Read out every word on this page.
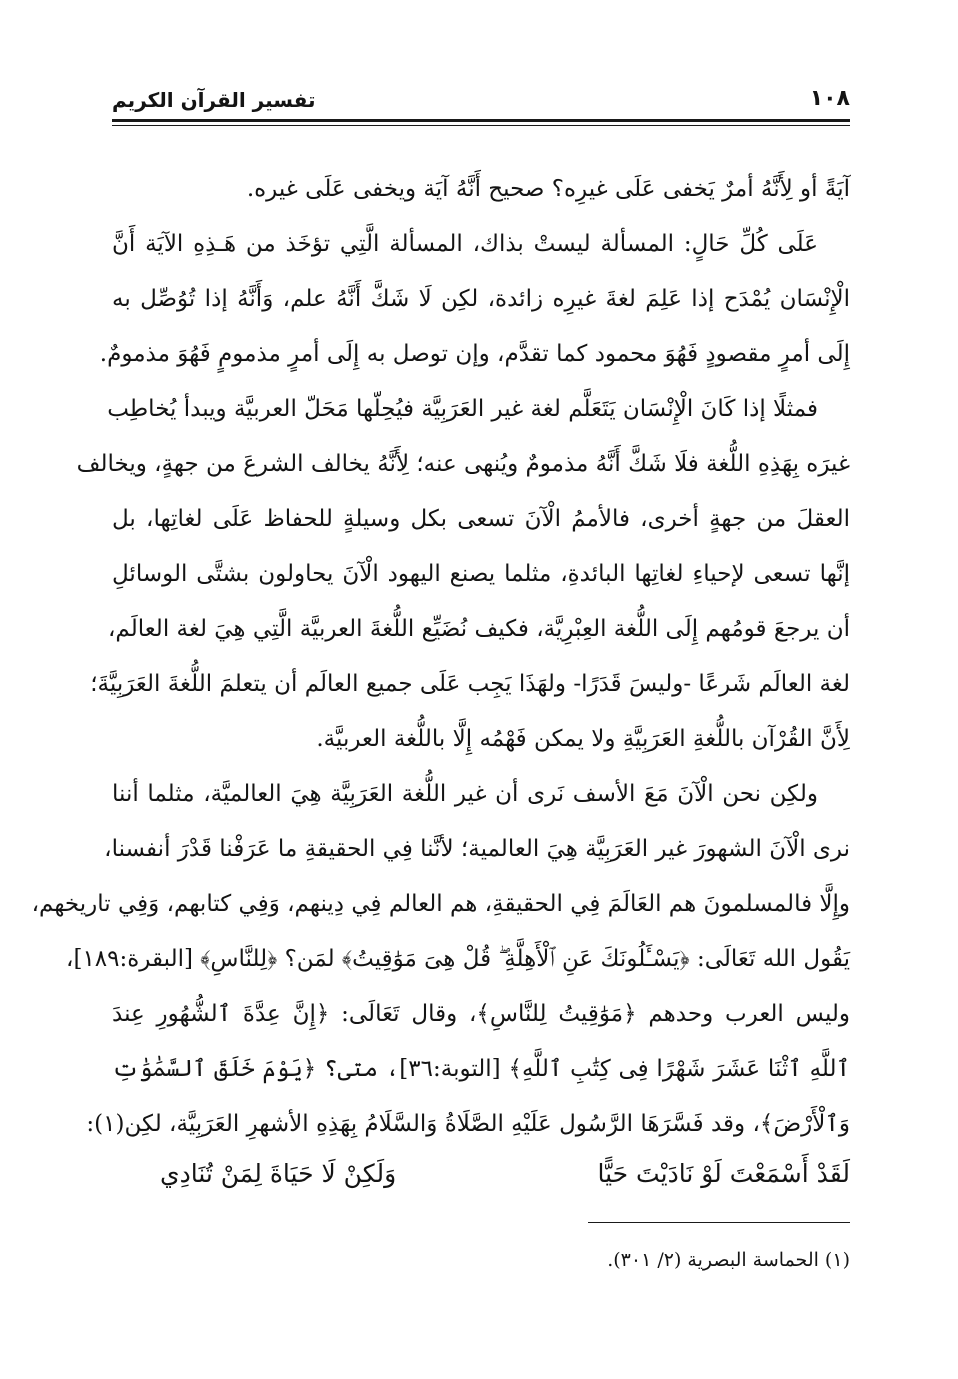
١٠٨
تفسير القرآن الكريم
آيَةً أو لِأَنَّهُ أمرٌ يَخفى عَلَى غيرِه؟ صحيح أَنَّهُ آيَة ويخفى عَلَى غيره.
عَلَى كُلِّ حَالٍ: المسألة ليستْ بذاك، المسألة الَّتِي تؤخَذ من هَـذِهِ الآيَة أَنَّ
الْإِنْسَان يُمْدَح إذا عَلِمَ لغةَ غيرِه زائدة، لكِن لَا شَكَّ أَنَّهُ علم، وَأَنَّهُ إذا تُوُصِّل به
إِلَى أمرٍ مقصودٍ فَهُوَ محمود كما تقدَّم، وإن توصل به إِلَى أمرٍ مذمومٍ فَهُوَ مذمومٌ.
فمثلًا إذا كَانَ الْإِنْسَان يَتَعَلَّم لغة غير العَرَبِيَّة فيُحِلّها مَحَلّ العربيَّة ويبدأ يُخاطِب
غيرَه بِهَذِهِ اللُّغة فلَا شَكَّ أَنَّهُ مذمومٌ ويُنهى عنه؛ لِأَنَّهُ يخالف الشرعَ من جهةٍ، ويخالف
العقلَ من جهةٍ أخرى، فالأممُ الْآنَ تسعى بكل وسيلةٍ للحفاظ عَلَى لغاتِها، بل
إنَّها تسعى لإحياءِ لغاتِها البائدةِ، مثلما يصنع اليهود الْآنَ يحاولون بشتَّى الوسائلِ
أن يرجعَ قومُهم إِلَى اللُّغة العِبْرِيَّة، فكيف نُضَيِّع اللُّغةَ العربيَّة الَّتِي هِيَ لغة العالَم،
لغة العالَم شَرعًا -وليسَ قَدَرًا- ولهَذَا يَجِب عَلَى جميع العالَم أن يتعلمَ اللُّغةَ العَرَبِيَّةَ؛
لِأَنَّ القُرْآن باللُّغةِ العَرَبِيَّةِ ولا يمكن فَهْمُه إِلَّا باللُّغة العربيَّة.
ولكِن نحن الْآنَ مَعَ الأسف نَرى أن غير اللُّغة العَرَبِيَّة هِيَ العالميَّة، مثلما أننا
نرى الْآنَ الشهورَ غير العَرَبِيَّة هِيَ العالمية؛ لأنَّنا فِي الحقيقةِ ما عَرَفْنا قَدْرَ أنفسنا،
وإِلَّا فالمسلمونَ هم العَالَمَ فِي الحقيقةِ، هم العالم فِي دِينهم، وَفِي كتابهم، وَفِي تاريخهم،
يَقُول الله تَعَالَى: ﴿يَسْـَٔلُونَكَ عَنِ ٱلْأَهِلَّةِ ۖ قُلْ هِىَ مَوَٰقِيتُ﴾ لمَن؟ ﴿لِلنَّاسِ﴾ [البقرة:١٨٩]،
وليس العرب وحدهم ﴿مَوَٰقِيتُ لِلنَّاسِ﴾، وقال تَعَالَى: ﴿إِنَّ عِدَّةَ ٱلشُّهُورِ عِندَ
ٱللَّهِ ٱثْنَا عَشَرَ شَهْرًا فِى كِتَٰبِ ٱللَّهِ﴾ [التوبة:٣٦]، متى؟ ﴿يَوْمَ خَلَقَ ٱلسَّمَٰوَٰتِ
وَٱلْأَرْضَ﴾، وقد فَسَّرَهَا الرَّسُول عَلَيْهِ الصَّلَاةُ وَالسَّلَامُ بِهَذِهِ الأشهرِ العَرَبِيَّة، لكِن(١):
لَقَدْ أَسْمَعْتَ لَوْ نَادَيْتَ حَيًّا
وَلَكِنْ لَا حَيَاةَ لِمَنْ تُنَادِي
(١) الحماسة البصرية (٢/ ٣٠١).
